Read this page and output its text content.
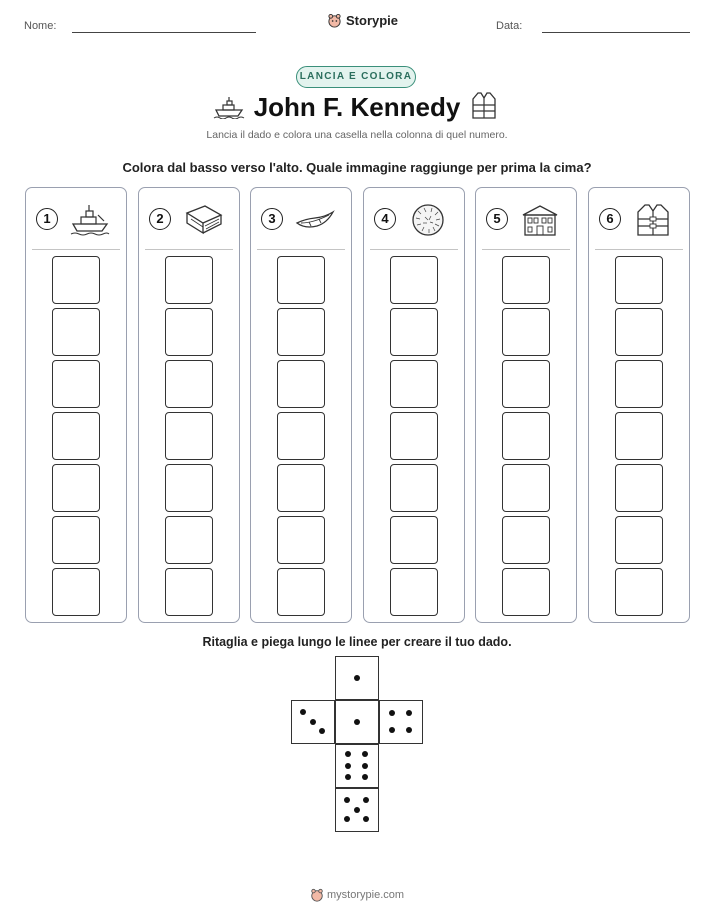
Nome:	Storypie	Data:
LANCIA E COLORA
John F. Kennedy
Lancia il dado e colora una casella nella colonna di quel numero.
Colora dal basso verso l'alto. Quale immagine raggiunge per prima la cima?
1	2	3	4	5	6
Ritaglia e piega lungo le linee per creare il tuo dado.
mystorypie.com
